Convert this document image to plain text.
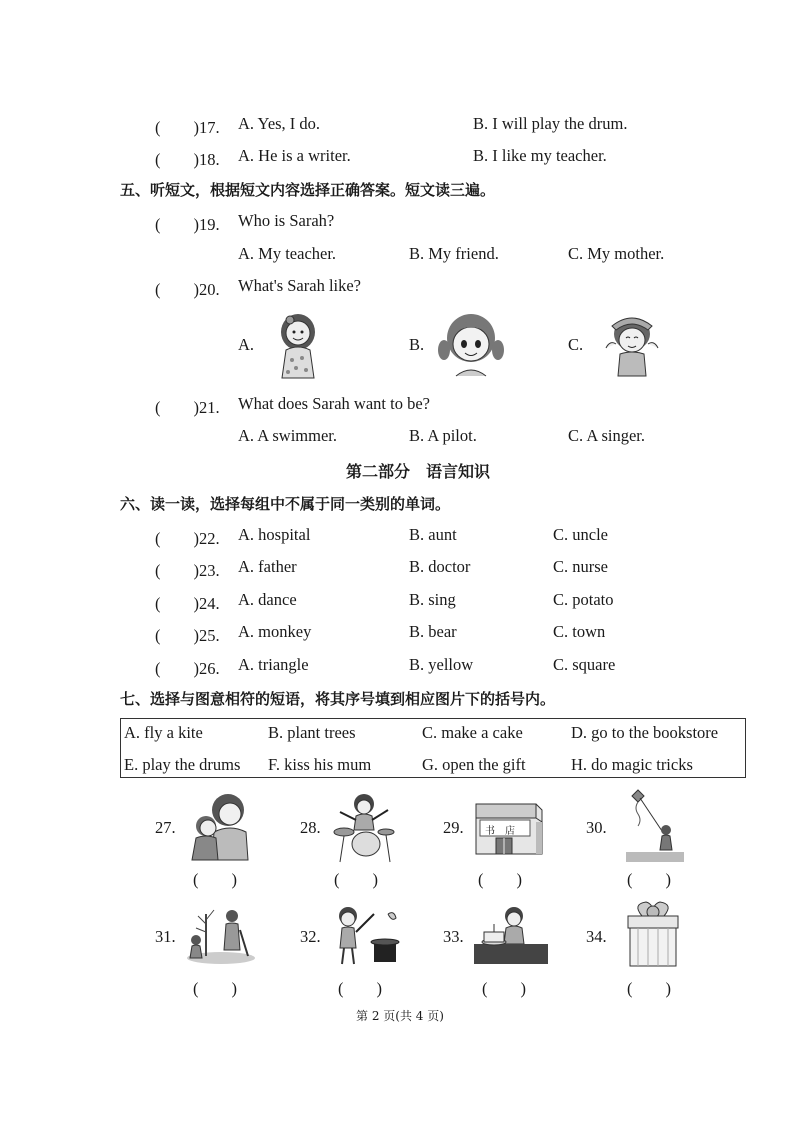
(　　)17. A. Yes, I do.	B. I will play the drum.
(　　)18. A. He is a writer.	B. I like my teacher.
五、听短文，根据短文内容选择正确答案。短文读三遍。
(　　)19. Who is Sarah?
A. My teacher.	B. My friend.	C. My mother.
(　　)20. What's Sarah like?
A.	B.	C.
(　　)21. What does Sarah want to be?
A. A swimmer.	B. A pilot.	C. A singer.
第二部分　语言知识
六、读一读，选择每组中不属于同一类别的单词。
(　　)22. A. hospital	B. aunt	C. uncle
(　　)23. A. father	B. doctor	C. nurse
(　　)24. A. dance	B. sing	C. potato
(　　)25. A. monkey	B. bear	C. town
(　　)26. A. triangle	B. yellow	C. square
七、选择与图意相符的短语，将其序号填到相应图片下的括号内。
A. fly a kite	B. plant trees	C. make a cake	D. go to the bookstore
E. play the drums F. kiss his mum	G. open the gift	H. do magic tricks
27.
(　　)
28.
(　　)
29. 书　店
(　　)
30.
(　　)
31.
(　　)
32.
(　　)
33.
(　　)
34.
(　　)
第 2 页(共 4 页)
